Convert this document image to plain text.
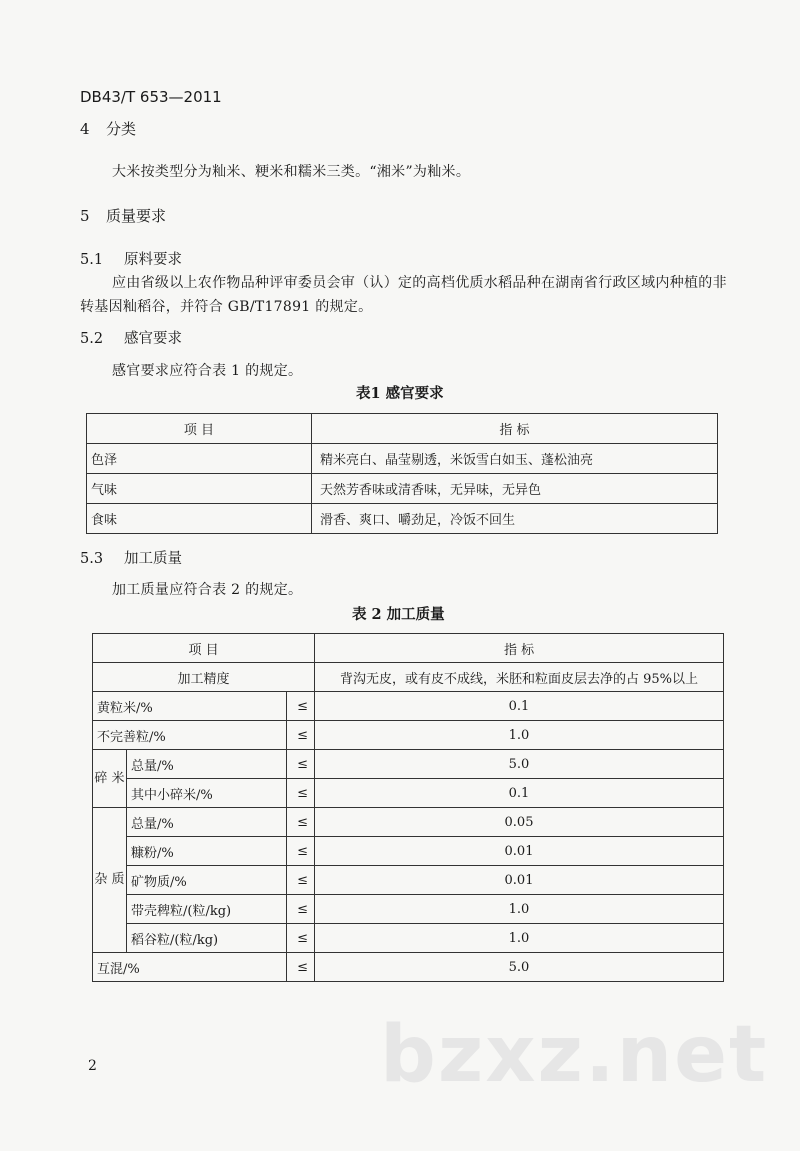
DB43/T 653—2011
4 分类
大米按类型分为籼米、粳米和糯米三类。“湘米”为籼米。
5 质量要求
5.1 原料要求
应由省级以上农作物品种评审委员会审（认）定的高档优质水稻品种在湖南省行政区域内种植的非
转基因籼稻谷，并符合 GB/T17891 的规定。
5.2 感官要求
感官要求应符合表 1 的规定。
表1 感官要求
项 目	指 标
色泽	精米亮白、晶莹剔透，米饭雪白如玉、蓬松油亮
气味	天然芳香味或清香味，无异味，无异色
食味	滑香、爽口、嚼劲足，冷饭不回生
5.3 加工质量
加工质量应符合表 2 的规定。
表 2 加工质量
项 目			指 标
加工精度			背沟无皮，或有皮不成线，米胚和粒面皮层去净的占 95%以上
黄粒米/%		≤	0.1
不完善粒/%		≤	1.0
碎 米	总量/%	≤	5.0
	其中小碎米/%	≤	0.1
杂 质	总量/%	≤	0.05
	糠粉/%	≤	0.01
	矿物质/%	≤	0.01
	带壳稗粒/(粒/kg)	≤	1.0
	稻谷粒/(粒/kg)	≤	1.0
互混/%		≤	5.0
bzxz.net
2
